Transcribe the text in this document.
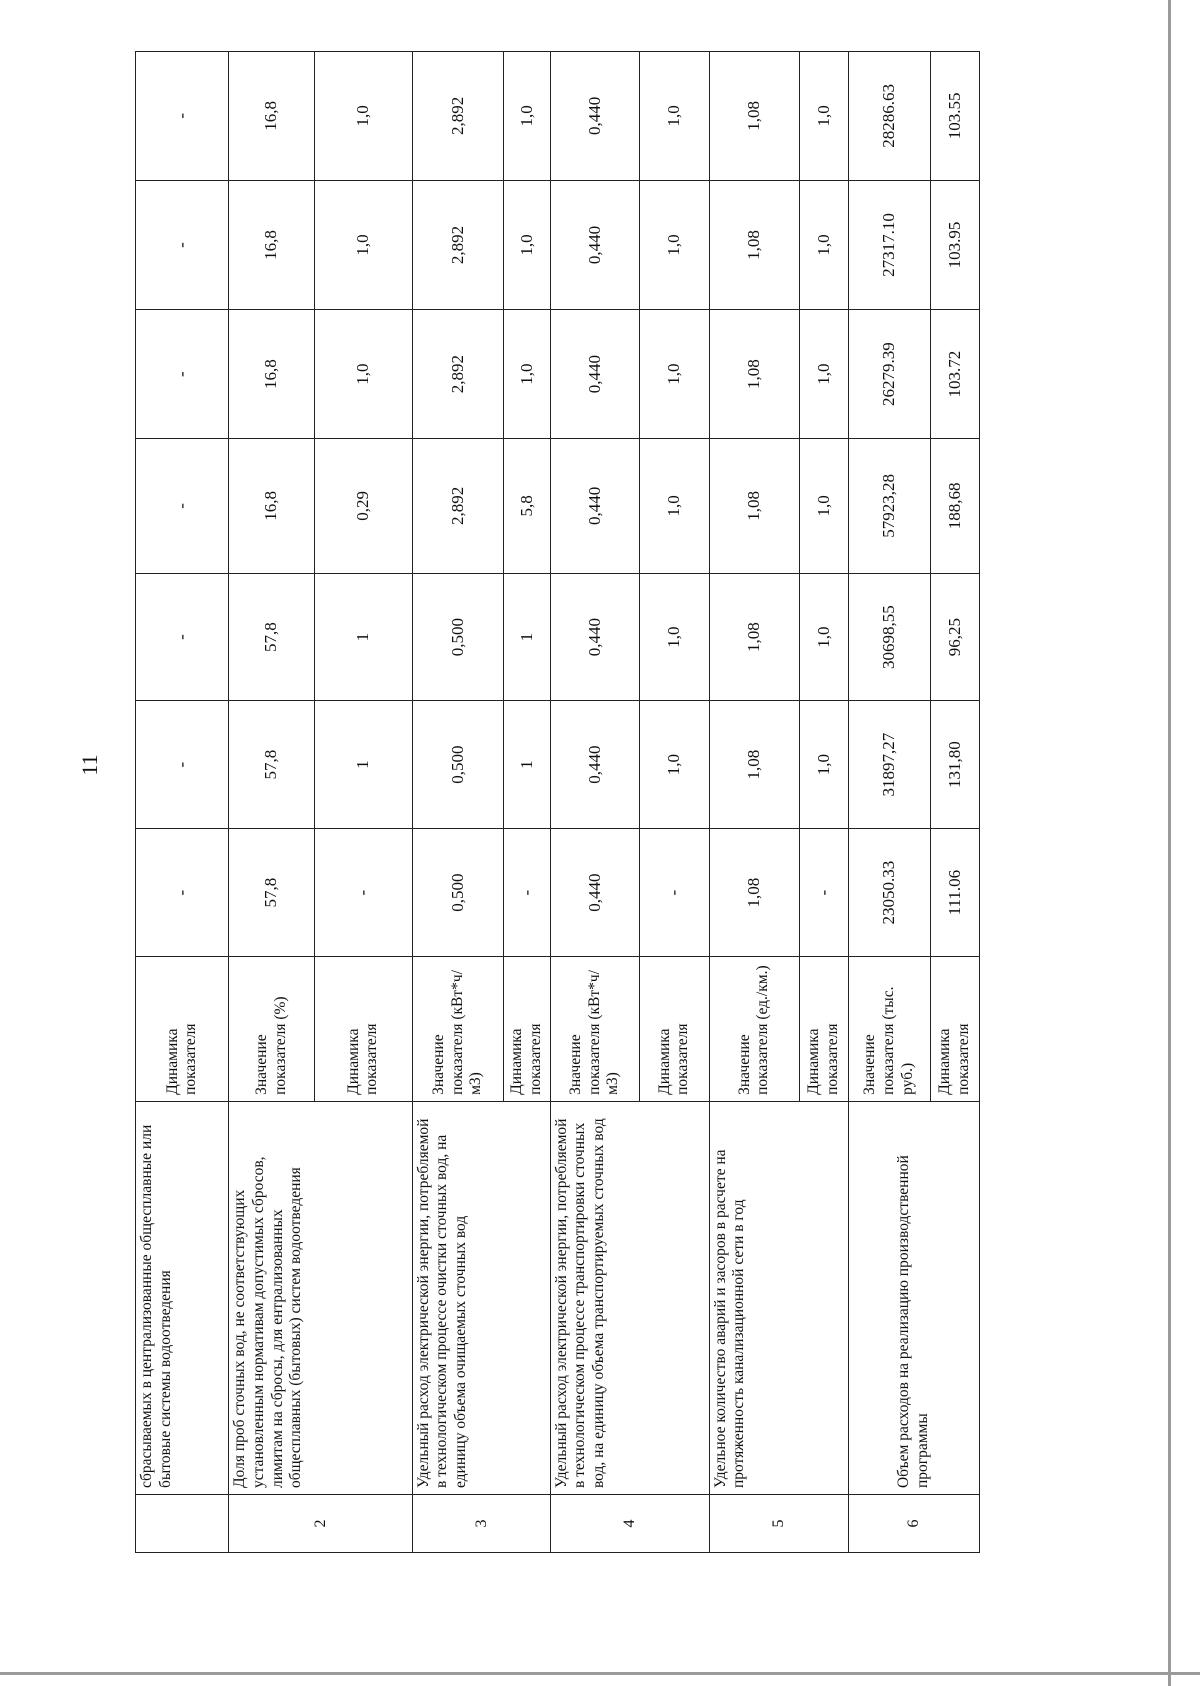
11
	сбрасываемых в централизованные общесплавные или бытовые системы водоотведения	Динамика показателя	-	-	-	-	-	-	-
2	Доля проб сточных вод, не соответствующих установленным нормативам допустимых сбросов, лимитам на сбросы, для ентрализованных общесплавных (бытовых) систем водоотведения	Значение показателя (%)	57,8	57,8	57,8	16,8	16,8	16,8	16,8
		Динамика показателя	-	1	1	0,29	1,0	1,0	1,0
3	Удельный расход электрической энергии, потребляемой в технологическом процессе очистки сточных вод, на единицу объема очищаемых сточных вод	Значение показателя (кВт*ч/м3)	0,500	0,500	0,500	2,892	2,892	2,892	2,892
		Динамика показателя	-	1	1	5,8	1,0	1,0	1,0
4	Удельный расход электрической энергии, потребляемой в технологическом процессе транспортировки сточных вод, на единицу объема транспортируемых сточных вод	Значение показателя (кВт*ч/м3)	0,440	0,440	0,440	0,440	0,440	0,440	0,440
		Динамика показателя	-	1,0	1,0	1,0	1,0	1,0	1,0
5	Удельное количество аварий и засоров в расчете на протяженность канализационной сети в год	Значение показателя (ед./км.)	1,08	1,08	1,08	1,08	1,08	1,08	1,08
		Динамика показателя	-	1,0	1,0	1,0	1,0	1,0	1,0
6	Объем расходов на реализацию производственной программы	Значение показателя (тыс. руб.)	23050.33	31897,27	30698,55	57923,28	26279.39	27317.10	28286.63
		Динамика показателя	111.06	131,80	96,25	188,68	103.72	103.95	103.55
